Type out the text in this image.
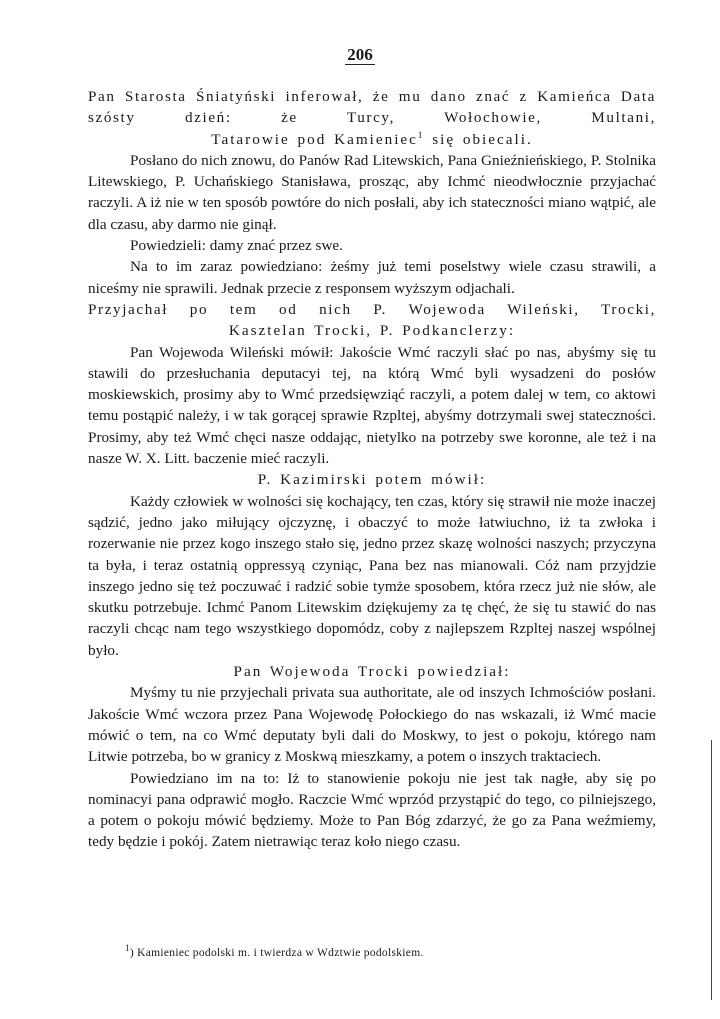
206

Pan Starosta Śniatyński inferował, że mu dano znać z Kamieńca Data szósty dzień: że Turcy, Wołochowie, Multani,

Tatarowie pod Kamieniec$^1$ się obiecali.

Posłano do nich znowu, do Panów Rad Litewskich, Pana Gnieźnieńskiego, P. Stolnika Litewskiego, P. Uchańskiego Stanisława, prosząc, aby Ichmć nieodwłocznie przyjachać raczyli. A iż nie w ten sposób powtóre do nich posłali, aby ich stateczności miano wątpić, ale dla czasu, aby darmo nie ginął.

Powiedzieli: damy znać przez swe.

Na to im zaraz powiedziano: żeśmy już temi poselstwy wiele czasu strawili, a niceśmy nie sprawili. Jednak przecie z responsem wyższym odjachali.

Przyjachał po tem od nich P. Wojewoda Wileński, Trocki,

Kasztelan Trocki, P. Podkanclerzy:

Pan Wojewoda Wileński mówił: Jakoście Wmć raczyli słać po nas, abyśmy się tu stawili do przesłuchania deputacyi tej, na którą Wmć byli wysadzeni do posłów moskiewskich, prosimy aby to Wmć przedsięwziąć raczyli, a potem dalej w tem, co aktowi temu postąpić należy, i w tak gorącej sprawie Rzpltej, abyśmy dotrzymali swej stateczności. Prosimy, aby też Wmć chęci nasze oddając, nietylko na potrzeby swe koronne, ale też i na nasze W. X. Litt. baczenie mieć raczyli.

P. Kazimirski potem mówił:

Każdy człowiek w wolności się kochający, ten czas, który się strawił nie może inaczej sądzić, jedno jako miłujący ojczyznę, i obaczyć to może łatwiuchno, iż ta zwłoka i rozerwanie nie przez kogo inszego stało się, jedno przez skazę wolności naszych; przyczyna ta była, i teraz ostatnią oppressyą czyniąc, Pana bez nas mianowali. Cóż nam przyjdzie inszego jedno się też poczuwać i radzić sobie tymże sposobem, która rzecz już nie słów, ale skutku potrzebuje. Ichmć Panom Litewskim dziękujemy za tę chęć, że się tu stawić do nas raczyli chcąc nam tego wszystkiego dopomódz, coby z najlepszem Rzpltej naszej wspólnej było.

Pan Wojewoda Trocki powiedział:

Myśmy tu nie przyjechali privata sua authoritate, ale od inszych Ichmościów posłani. Jakoście Wmć wczora przez Pana Wojewodę Połockiego do nas wskazali, iż Wmć macie mówić o tem, na co Wmć deputaty byli dali do Moskwy, to jest o pokoju, którego nam Litwie potrzeba, bo w granicy z Moskwą mieszkamy, a potem o inszych traktaciech.

Powiedziano im na to: Iż to stanowienie pokoju nie jest tak nagłe, aby się po nominacyi pana odprawić mogło. Raczcie Wmć wprzód przystąpić do tego, co pilniejszego, a potem o pokoju mówić będziemy. Może to Pan Bóg zdarzyć, że go za Pana weźmiemy, tedy będzie i pokój. Zatem nietrawiąc teraz koło niego czasu.

$^1$) Kamieniec podolski m. i twierdza w Wdztwie podolskiem.
